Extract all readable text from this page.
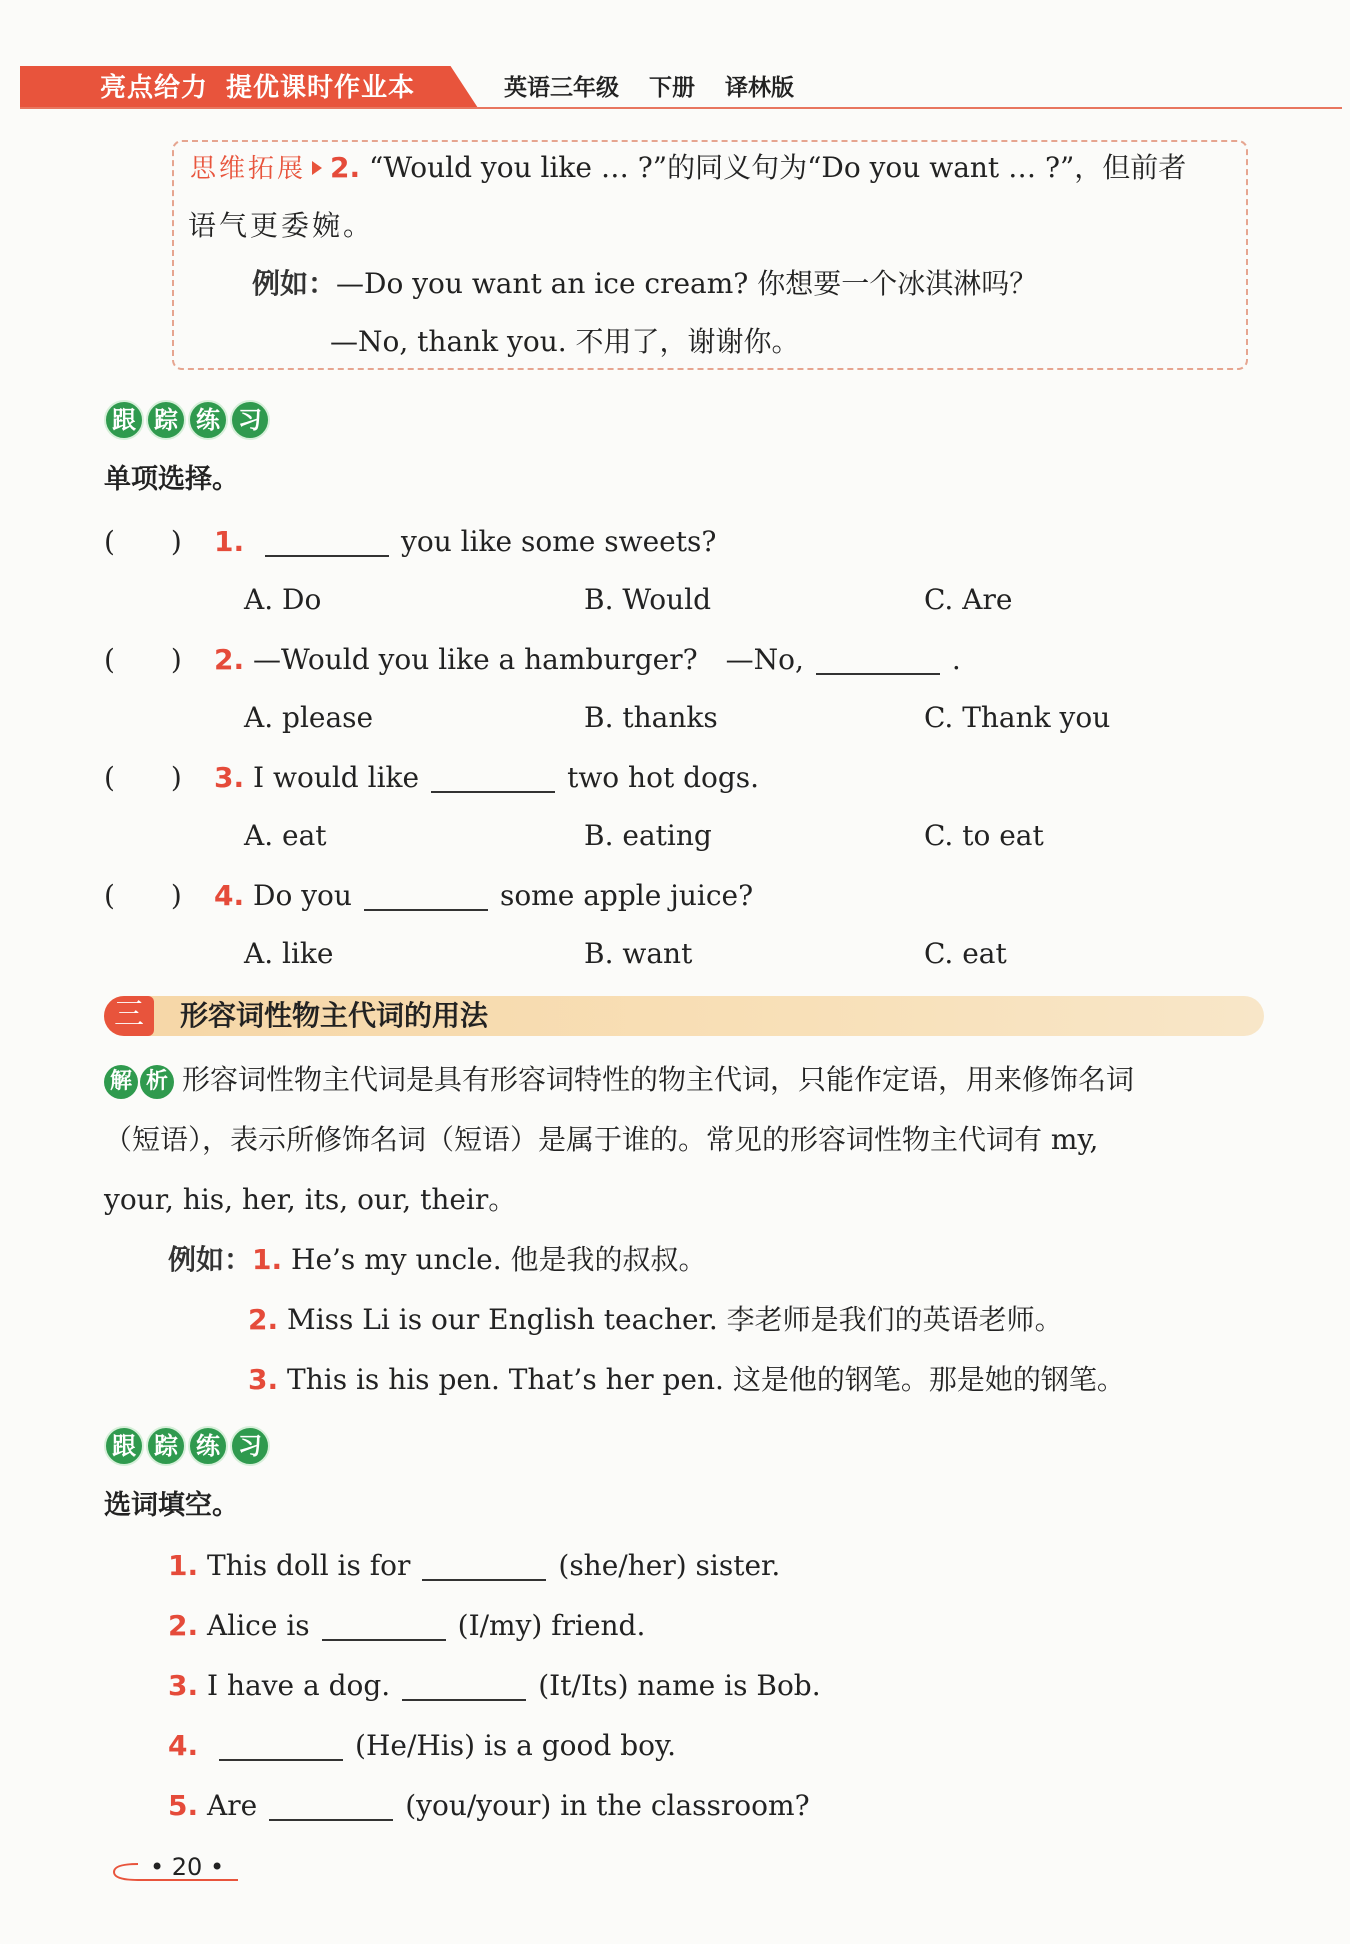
亮点给力 提优课时作业本	英语三年级 下册 译林版
思维拓展 2. “Would you like … ?”的同义句为“Do you want … ?”，但前者
语气更委婉。
例如：—Do you want an ice cream? 你想要一个冰淇淋吗？
—No, thank you. 不用了，谢谢你。
跟 踪 练 习
单项选择。
(　　) 1.	you like some sweets?
A. Do	B. Would	C. Are
(　　) 2. —Would you like a hamburger?　—No,	.
A. please	B. thanks	C. Thank you
(　　) 3. I would like	two hot dogs.
A. eat	B. eating	C. to eat
(　　) 4. Do you	some apple juice?
A. like	B. want	C. eat
三	形容词性物主代词的用法
解 析 形容词性物主代词是具有形容词特性的物主代词，只能作定语，用来修饰名词
（短语），表示所修饰名词（短语）是属于谁的。常见的形容词性物主代词有 my,
your, his, her, its, our, their。
例如：1. He’s my uncle. 他是我的叔叔。
2. Miss Li is our English teacher. 李老师是我们的英语老师。
3. This is his pen. That’s her pen. 这是他的钢笔。那是她的钢笔。
跟 踪 练 习
选词填空。
1. This doll is for	(she/her) sister.
2. Alice is	(I/my) friend.
3. I have a dog.	(It/Its) name is Bob.
4.	(He/His) is a good boy.
5. Are	(you/your) in the classroom?
• 20 •
